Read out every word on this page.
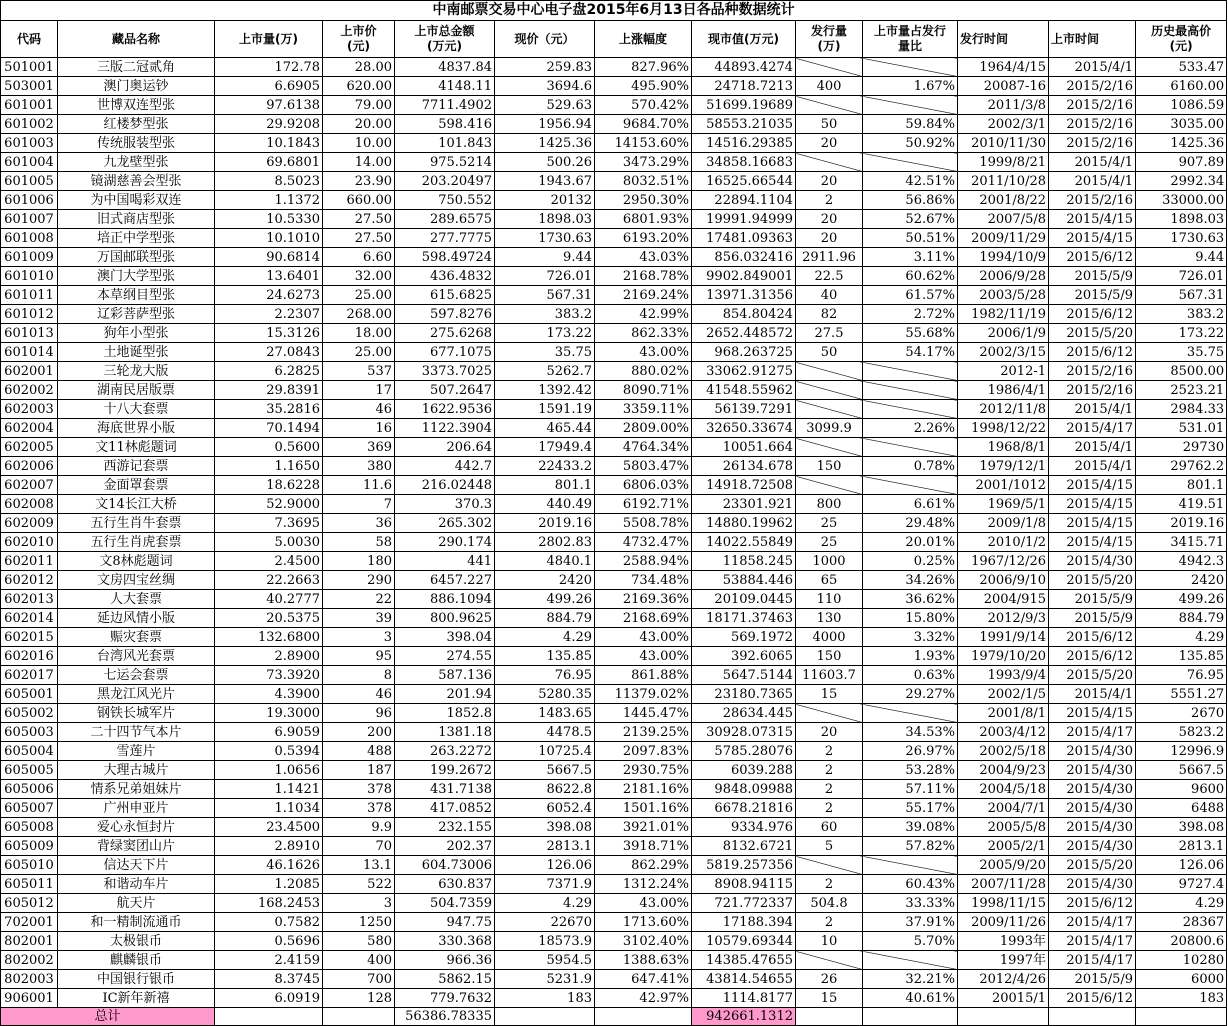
中南邮票交易中心电子盘2015年6月13日各品种数据统计												
代码	藏品名称	上市量(万)	上市价
(元)	上市总金额
(万元)	现价（元）	上涨幅度	现市值(万元)	发行量
(万)	上市量占发行
量比	发行时间	上市时间	历史最高价
(元)
501001	三版二冠贰角	172.78	28.00	4837.84	259.83	827.96%	44893.4274			1964/4/15	2015/4/1	533.47
503001	澳门奥运钞	6.6905	620.00	4148.11	3694.6	495.90%	24718.7213	400	1.67%	20087-16	2015/2/16	6160.00
601001	世博双连型张	97.6138	79.00	7711.4902	529.63	570.42%	51699.19689			2011/3/8	2015/2/16	1086.59
601002	红楼梦型张	29.9208	20.00	598.416	1956.94	9684.70%	58553.21035	50	59.84%	2002/3/1	2015/2/16	3035.00
601003	传统服装型张	10.1843	10.00	101.843	1425.36	14153.60%	14516.29385	20	50.92%	2010/11/30	2015/2/16	1425.36
601004	九龙壁型张	69.6801	14.00	975.5214	500.26	3473.29%	34858.16683			1999/8/21	2015/4/1	907.89
601005	镜湖慈善会型张	8.5023	23.90	203.20497	1943.67	8032.51%	16525.66544	20	42.51%	2011/10/28	2015/4/1	2992.34
601006	为中国喝彩双连	1.1372	660.00	750.552	20132	2950.30%	22894.1104	2	56.86%	2001/8/22	2015/2/16	33000.00
601007	旧式商店型张	10.5330	27.50	289.6575	1898.03	6801.93%	19991.94999	20	52.67%	2007/5/8	2015/4/15	1898.03
601008	培正中学型张	10.1010	27.50	277.7775	1730.63	6193.20%	17481.09363	20	50.51%	2009/11/29	2015/4/15	1730.63
601009	万国邮联型张	90.6814	6.60	598.49724	9.44	43.03%	856.032416	2911.96	3.11%	1994/10/9	2015/6/12	9.44
601010	澳门大学型张	13.6401	32.00	436.4832	726.01	2168.78%	9902.849001	22.5	60.62%	2006/9/28	2015/5/9	726.01
601011	本草纲目型张	24.6273	25.00	615.6825	567.31	2169.24%	13971.31356	40	61.57%	2003/5/28	2015/5/9	567.31
601012	辽彩菩萨型张	2.2307	268.00	597.8276	383.2	42.99%	854.80424	82	2.72%	1982/11/19	2015/6/12	383.2
601013	狗年小型张	15.3126	18.00	275.6268	173.22	862.33%	2652.448572	27.5	55.68%	2006/1/9	2015/5/20	173.22
601014	土地诞型张	27.0843	25.00	677.1075	35.75	43.00%	968.263725	50	54.17%	2002/3/15	2015/6/12	35.75
602001	三轮龙大版	6.2825	537	3373.7025	5262.7	880.02%	33062.91275			2012-1	2015/2/16	8500.00
602002	湖南民居版票	29.8391	17	507.2647	1392.42	8090.71%	41548.55962			1986/4/1	2015/2/16	2523.21
602003	十八大套票	35.2816	46	1622.9536	1591.19	3359.11%	56139.7291			2012/11/8	2015/4/1	2984.33
602004	海底世界小版	70.1494	16	1122.3904	465.44	2809.00%	32650.33674	3099.9	2.26%	1998/12/22	2015/4/17	531.01
602005	文11林彪题词	0.5600	369	206.64	17949.4	4764.34%	10051.664			1968/8/1	2015/4/1	29730
602006	西游记套票	1.1650	380	442.7	22433.2	5803.47%	26134.678	150	0.78%	1979/12/1	2015/4/1	29762.2
602007	金面罩套票	18.6228	11.6	216.02448	801.1	6806.03%	14918.72508			2001/1012	2015/4/15	801.1
602008	文14长江大桥	52.9000	7	370.3	440.49	6192.71%	23301.921	800	6.61%	1969/5/1	2015/4/15	419.51
602009	五行生肖牛套票	7.3695	36	265.302	2019.16	5508.78%	14880.19962	25	29.48%	2009/1/8	2015/4/15	2019.16
602010	五行生肖虎套票	5.0030	58	290.174	2802.83	4732.47%	14022.55849	25	20.01%	2010/1/2	2015/4/15	3415.71
602011	文8林彪题词	2.4500	180	441	4840.1	2588.94%	11858.245	1000	0.25%	1967/12/26	2015/4/30	4942.3
602012	文房四宝丝绸	22.2663	290	6457.227	2420	734.48%	53884.446	65	34.26%	2006/9/10	2015/5/20	2420
602013	人大套票	40.2777	22	886.1094	499.26	2169.36%	20109.0445	110	36.62%	2004/915	2015/5/9	499.26
602014	延边风情小版	20.5375	39	800.9625	884.79	2168.69%	18171.37463	130	15.80%	2012/9/3	2015/5/9	884.79
602015	赈灾套票	132.6800	3	398.04	4.29	43.00%	569.1972	4000	3.32%	1991/9/14	2015/6/12	4.29
602016	台湾风光套票	2.8900	95	274.55	135.85	43.00%	392.6065	150	1.93%	1979/10/20	2015/6/12	135.85
602017	七运会套票	73.3920	8	587.136	76.95	861.88%	5647.5144	11603.7	0.63%	1993/9/4	2015/5/20	76.95
605001	黑龙江风光片	4.3900	46	201.94	5280.35	11379.02%	23180.7365	15	29.27%	2002/1/5	2015/4/1	5551.27
605002	钢铁长城军片	19.3000	96	1852.8	1483.65	1445.47%	28634.445			2001/8/1	2015/4/15	2670
605003	二十四节气本片	6.9059	200	1381.18	4478.5	2139.25%	30928.07315	20	34.53%	2003/4/12	2015/4/17	5823.2
605004	雪莲片	0.5394	488	263.2272	10725.4	2097.83%	5785.28076	2	26.97%	2002/5/18	2015/4/30	12996.9
605005	大理古城片	1.0656	187	199.2672	5667.5	2930.75%	6039.288	2	53.28%	2004/9/23	2015/4/30	5667.5
605006	情系兄弟姐妹片	1.1421	378	431.7138	8622.8	2181.16%	9848.09988	2	57.11%	2004/5/18	2015/4/30	9600
605007	广州申亚片	1.1034	378	417.0852	6052.4	1501.16%	6678.21816	2	55.17%	2004/7/1	2015/4/30	6488
605008	爱心永恒封片	23.4500	9.9	232.155	398.08	3921.01%	9334.976	60	39.08%	2005/5/8	2015/4/30	398.08
605009	背绿窦团山片	2.8910	70	202.37	2813.1	3918.71%	8132.6721	5	57.82%	2005/2/1	2015/4/30	2813.1
605010	信达天下片	46.1626	13.1	604.73006	126.06	862.29%	5819.257356			2005/9/20	2015/5/20	126.06
605011	和谐动车片	1.2085	522	630.837	7371.9	1312.24%	8908.94115	2	60.43%	2007/11/28	2015/4/30	9727.4
605012	航天片	168.2453	3	504.7359	4.29	43.00%	721.772337	504.8	33.33%	1998/11/15	2015/6/12	4.29
702001	和一精制流通币	0.7582	1250	947.75	22670	1713.60%	17188.394	2	37.91%	2009/11/26	2015/4/17	28367
802001	太极银币	0.5696	580	330.368	18573.9	3102.40%	10579.69344	10	5.70%	1993年	2015/4/17	20800.6
802002	麒麟银币	2.4159	400	966.36	5954.5	1388.63%	14385.47655			1997年	2015/4/17	10280
802003	中国银行银币	8.3745	700	5862.15	5231.9	647.41%	43814.54655	26	32.21%	2012/4/26	2015/5/9	6000
906001	IC新年新禧	6.0919	128	779.7632	183	42.97%	1114.8177	15	40.61%	20015/1	2015/6/12	183
总计				56386.78335			942661.1312					
